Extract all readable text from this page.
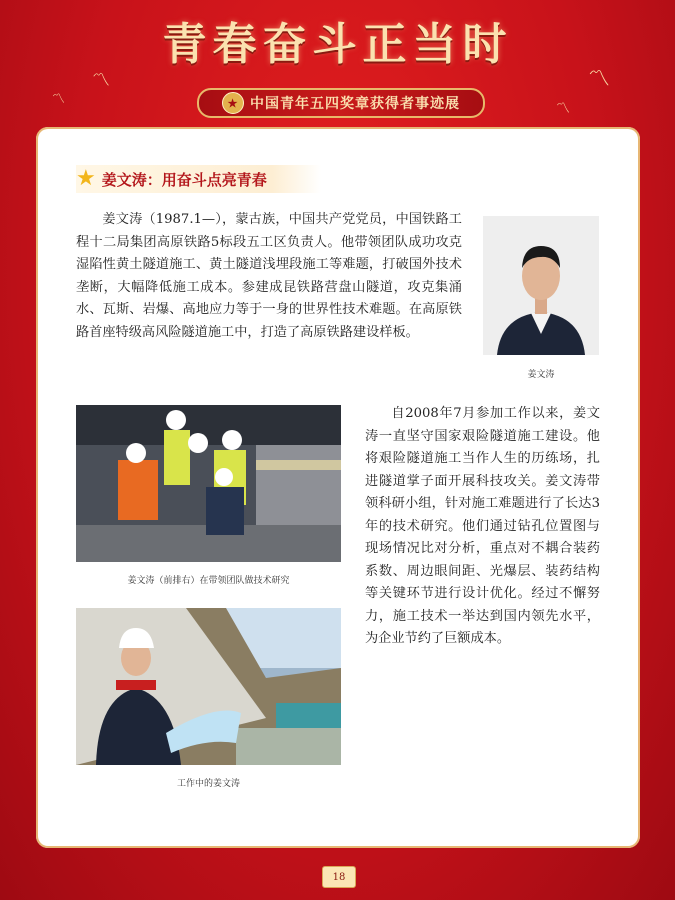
青春奋斗正当时
〽
〽
〽
〽
★ 中国青年五四奖章获得者事迹展
★ 姜文涛：用奋斗点亮青春

姜文涛（1987.1—），蒙古族，中国共产党党员，中国铁路工程十二局集团高原铁路5标段五工区负责人。他带领团队成功攻克湿陷性黄土隧道施工、黄土隧道浅埋段施工等难题，打破国外技术垄断，大幅降低施工成本。参建成昆铁路营盘山隧道，攻克集涌水、瓦斯、岩爆、高地应力等于一身的世界性技术难题。在高原铁路首座特级高风险隧道施工中，打造了高原铁路建设样板。

姜文涛
姜文涛（前排右）在带领团队做技术研究
工作中的姜文涛

自2008年7月参加工作以来，姜文涛一直坚守国家艰险隧道施工建设。他将艰险隧道施工当作人生的历练场，扎进隧道掌子面开展科技攻关。姜文涛带领科研小组，针对施工难题进行了长达3年的技术研究。他们通过钻孔位置图与现场情况比对分析，重点对不耦合装药系数、周边眼间距、光爆层、装药结构等关键环节进行设计优化。经过不懈努力，施工技术一举达到国内领先水平，为企业节约了巨额成本。

18
